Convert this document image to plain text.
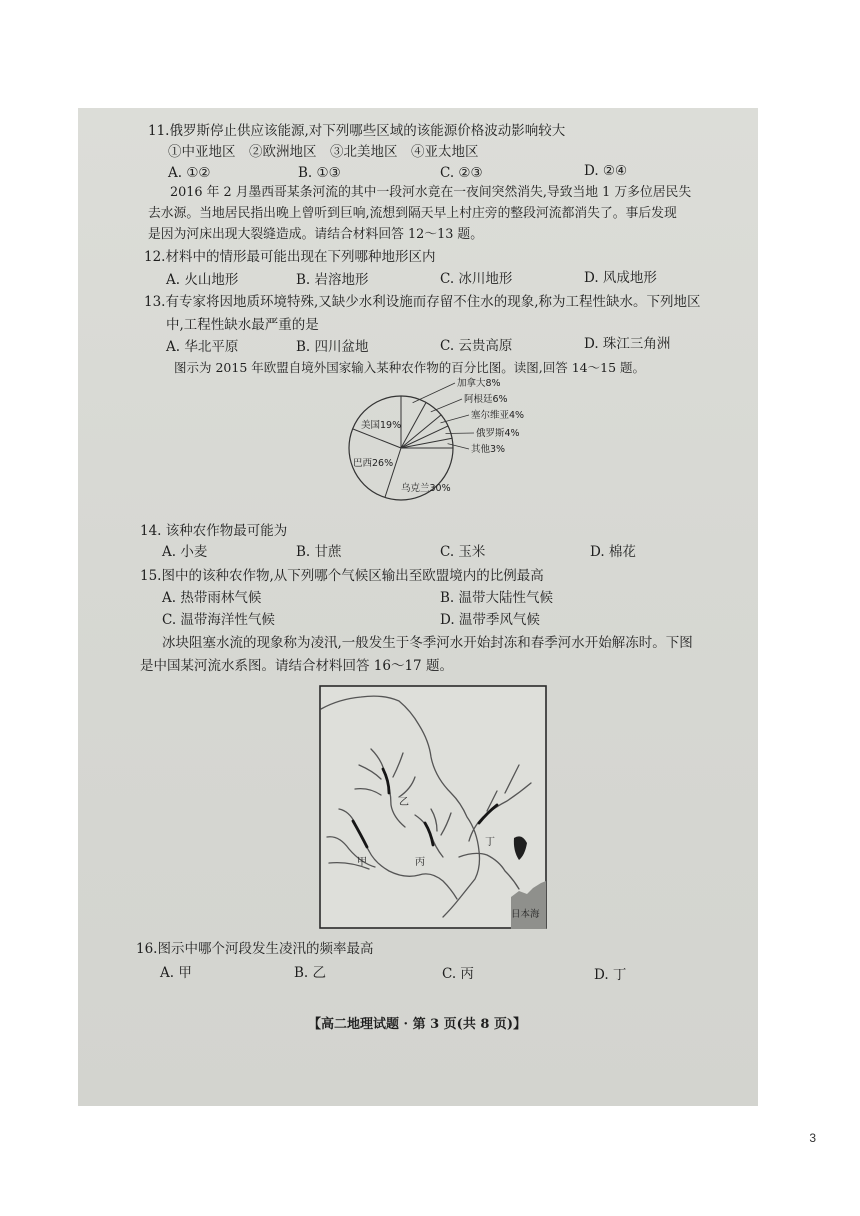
11.俄罗斯停止供应该能源,对下列哪些区域的该能源价格波动影响较大
①中亚地区　②欧洲地区　③北美地区　④亚太地区
A. ①②	B. ①③	C. ②③	D. ②④
2016 年 2 月墨西哥某条河流的其中一段河水竟在一夜间突然消失,导致当地 1 万多位居民失
去水源。当地居民指出晚上曾听到巨响,流想到隔天早上村庄旁的整段河流都消失了。事后发现
是因为河床出现大裂缝造成。请结合材料回答 12～13 题。
12.材料中的情形最可能出现在下列哪种地形区内
A. 火山地形	B. 岩溶地形	C. 冰川地形	D. 风成地形
13.有专家将因地质环境特殊,又缺少水利设施而存留不住水的现象,称为工程性缺水。下列地区
中,工程性缺水最严重的是
A. 华北平原	B. 四川盆地	C. 云贵高原	D. 珠江三角洲
图示为 2015 年欧盟自境外国家输入某种农作物的百分比图。读图,回答 14～15 题。
加拿大8%
阿根廷6%
塞尔维亚4%
俄罗斯4%
其他3%
乌克兰30%
巴西26%
美国19%
14. 该种农作物最可能为
A. 小麦	B. 甘蔗	C. 玉米	D. 棉花
15.图中的该种农作物,从下列哪个气候区输出至欧盟境内的比例最高
A. 热带雨林气候	B. 温带大陆性气候
C. 温带海洋性气候	D. 温带季风气候
冰块阻塞水流的现象称为凌汛,一般发生于冬季河水开始封冻和春季河水开始解冻时。下图
是中国某河流水系图。请结合材料回答 16～17 题。
乙
甲	丙
丁
日本海
16.图示中哪个河段发生凌汛的频率最高
A. 甲	B. 乙	C. 丙	D. 丁
【高二地理试题 · 第 3 页(共 8 页)】
3
